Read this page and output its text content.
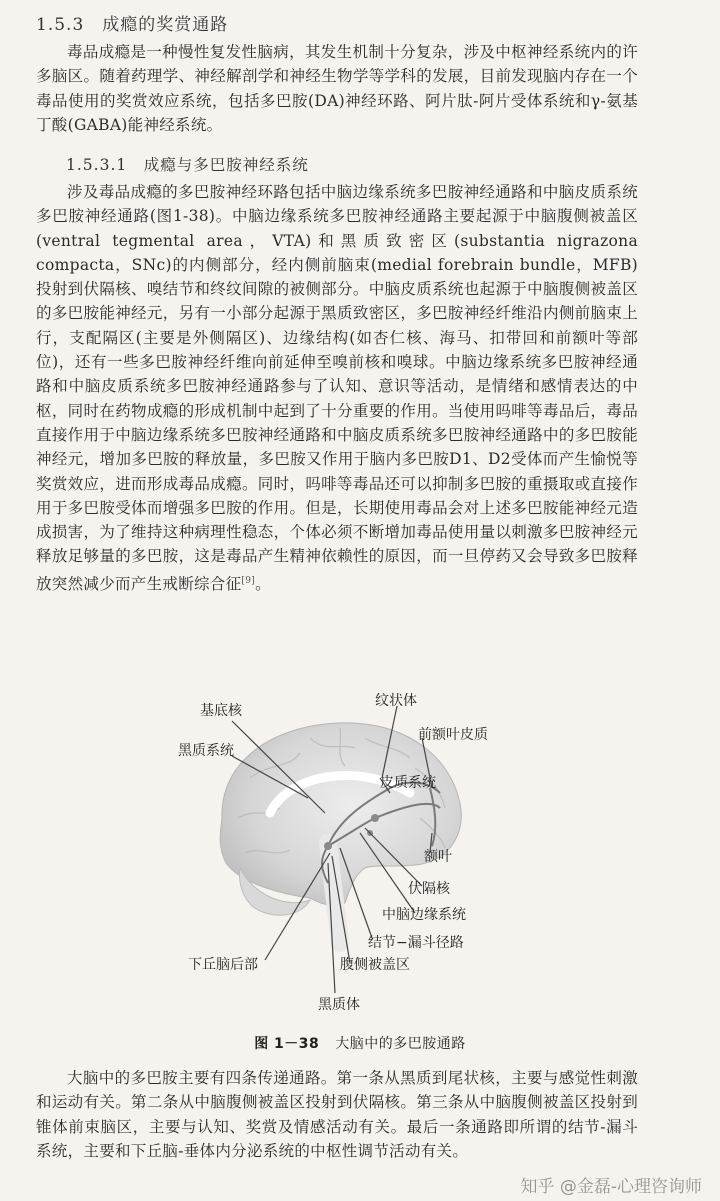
1.5.3　成瘾的奖赏通路

毒品成瘾是一种慢性复发性脑病，其发生机制十分复杂，涉及中枢神经系统内的许多脑区。随着药理学、神经解剖学和神经生物学等学科的发展，目前发现脑内存在一个毒品使用的奖赏效应系统，包括多巴胺(DA)神经环路、阿片肽-阿片受体系统和γ-氨基丁酸(GABA)能神经系统。

1.5.3.1　成瘾与多巴胺神经系统

涉及毒品成瘾的多巴胺神经环路包括中脑边缘系统多巴胺神经通路和中脑皮质系统多巴胺神经通路(图1-38)。中脑边缘系统多巴胺神经通路主要起源于中脑腹侧被盖区(ventral tegmental area，VTA)和黑质致密区(substantia nigrazona compacta，SNc)的内侧部分，经内侧前脑束(medial forebrain bundle，MFB)投射到伏隔核、嗅结节和终纹间隙的被侧部分。中脑皮质系统也起源于中脑腹侧被盖区的多巴胺能神经元，另有一小部分起源于黑质致密区，多巴胺神经纤维沿内侧前脑束上行，支配隔区(主要是外侧隔区)、边缘结构(如杏仁核、海马、扣带回和前额叶等部位)，还有一些多巴胺神经纤维向前延伸至嗅前核和嗅球。中脑边缘系统多巴胺神经通路和中脑皮质系统多巴胺神经通路参与了认知、意识等活动，是情绪和感情表达的中枢，同时在药物成瘾的形成机制中起到了十分重要的作用。当使用吗啡等毒品后，毒品直接作用于中脑边缘系统多巴胺神经通路和中脑皮质系统多巴胺神经通路中的多巴胺能神经元，增加多巴胺的释放量，多巴胺又作用于脑内多巴胺D1、D2受体而产生愉悦等奖赏效应，进而形成毒品成瘾。同时，吗啡等毒品还可以抑制多巴胺的重摄取或直接作用于多巴胺受体而增强多巴胺的作用。但是，长期使用毒品会对上述多巴胺能神经元造成损害，为了维持这种病理性稳态，个体必须不断增加毒品使用量以刺激多巴胺神经元释放足够量的多巴胺，这是毒品产生精神依赖性的原因，而一旦停药又会导致多巴胺释放突然减少而产生戒断综合征[9]。

基底核
纹状体
前额叶皮质
黑质系统
皮质系统
额叶
伏隔核
中脑边缘系统
结节−漏斗径路
下丘脑后部	腹侧被盖区
黑质体
图 1－38 大脑中的多巴胺通路

大脑中的多巴胺主要有四条传递通路。第一条从黑质到尾状核，主要与感觉性刺激和运动有关。第二条从中脑腹侧被盖区投射到伏隔核。第三条从中脑腹侧被盖区投射到锥体前束脑区，主要与认知、奖赏及情感活动有关。最后一条通路即所谓的结节-漏斗系统，主要和下丘脑-垂体内分泌系统的中枢性调节活动有关。

知乎 @金磊-心理咨询师
